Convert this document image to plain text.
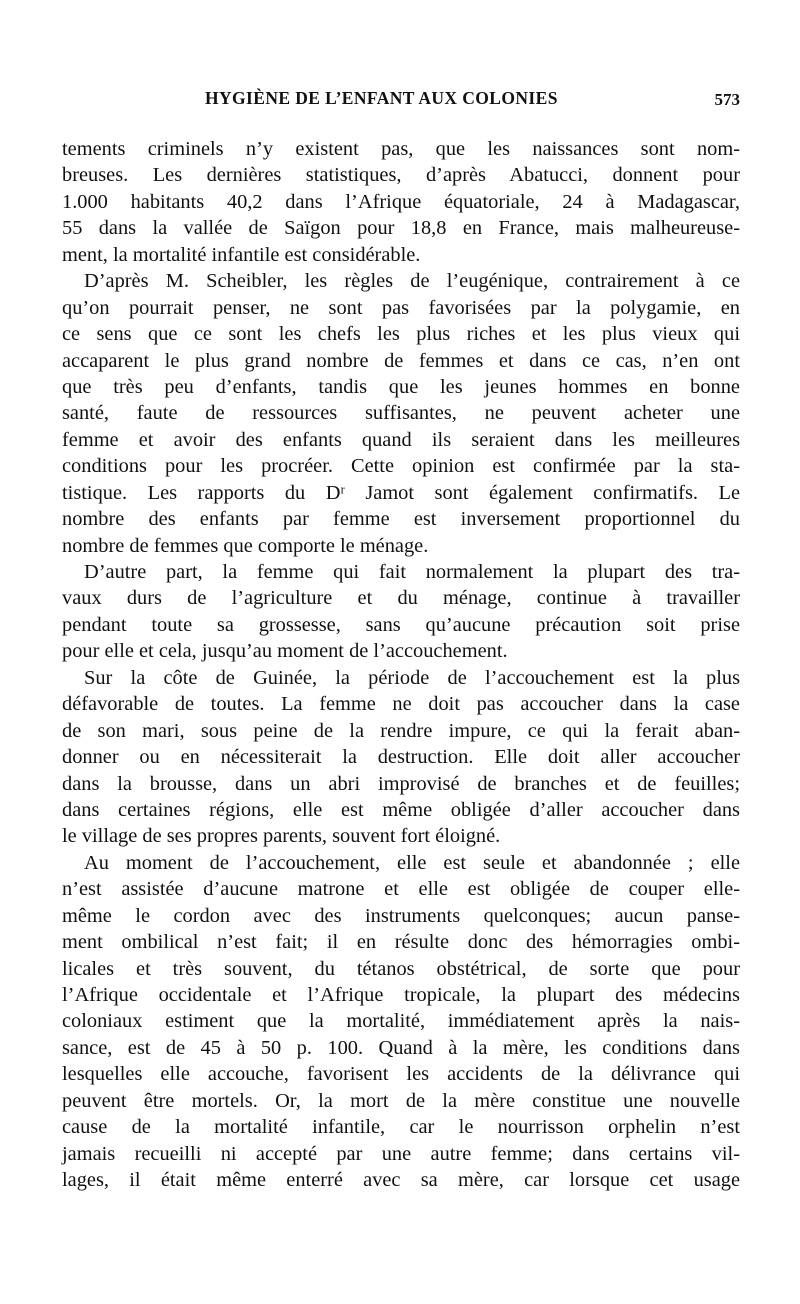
HYGIÈNE DE L’ENFANT AUX COLONIES	573
tements criminels n’y existent pas, que les naissances sont nom-
breuses. Les dernières statistiques, d’après Abatucci, donnent pour
1.000 habitants 40,2 dans l’Afrique équatoriale, 24 à Madagascar,
55 dans la vallée de Saïgon pour 18,8 en France, mais malheureuse-
ment, la mortalité infantile est considérable.
D’après M. Scheibler, les règles de l’eugénique, contrairement à ce
qu’on pourrait penser, ne sont pas favorisées par la polygamie, en
ce sens que ce sont les chefs les plus riches et les plus vieux qui
accaparent le plus grand nombre de femmes et dans ce cas, n’en ont
que très peu d’enfants, tandis que les jeunes hommes en bonne
santé, faute de ressources suffisantes, ne peuvent acheter une
femme et avoir des enfants quand ils seraient dans les meilleures
conditions pour les procréer. Cette opinion est confirmée par la sta-
tistique. Les rapports du Dʳ Jamot sont également confirmatifs. Le
nombre des enfants par femme est inversement proportionnel du
nombre de femmes que comporte le ménage.
D’autre part, la femme qui fait normalement la plupart des tra-
vaux durs de l’agriculture et du ménage, continue à travailler
pendant toute sa grossesse, sans qu’aucune précaution soit prise
pour elle et cela, jusqu’au moment de l’accouchement.
Sur la côte de Guinée, la période de l’accouchement est la plus
défavorable de toutes. La femme ne doit pas accoucher dans la case
de son mari, sous peine de la rendre impure, ce qui la ferait aban-
donner ou en nécessiterait la destruction. Elle doit aller accoucher
dans la brousse, dans un abri improvisé de branches et de feuilles;
dans certaines régions, elle est même obligée d’aller accoucher dans
le village de ses propres parents, souvent fort éloigné.
Au moment de l’accouchement, elle est seule et abandonnée ; elle
n’est assistée d’aucune matrone et elle est obligée de couper elle-
même le cordon avec des instruments quelconques; aucun panse-
ment ombilical n’est fait; il en résulte donc des hémorragies ombi-
licales et très souvent, du tétanos obstétrical, de sorte que pour
l’Afrique occidentale et l’Afrique tropicale, la plupart des médecins
coloniaux estiment que la mortalité, immédiatement après la nais-
sance, est de 45 à 50 p. 100. Quand à la mère, les conditions dans
lesquelles elle accouche, favorisent les accidents de la délivrance qui
peuvent être mortels. Or, la mort de la mère constitue une nouvelle
cause de la mortalité infantile, car le nourrisson orphelin n’est
jamais recueilli ni accepté par une autre femme; dans certains vil-
lages, il était même enterré avec sa mère, car lorsque cet usage
